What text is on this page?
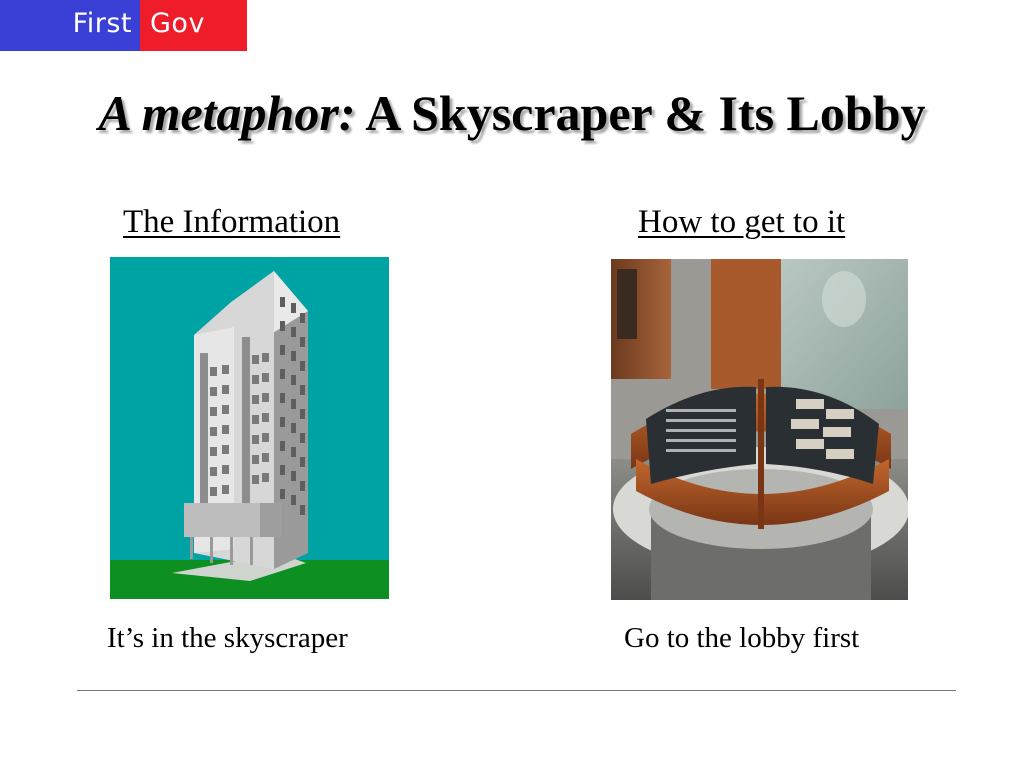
First Gov
A metaphor: A Skyscraper & Its Lobby
The Information	How to get to it
It’s in the skyscraper	Go to the lobby first
